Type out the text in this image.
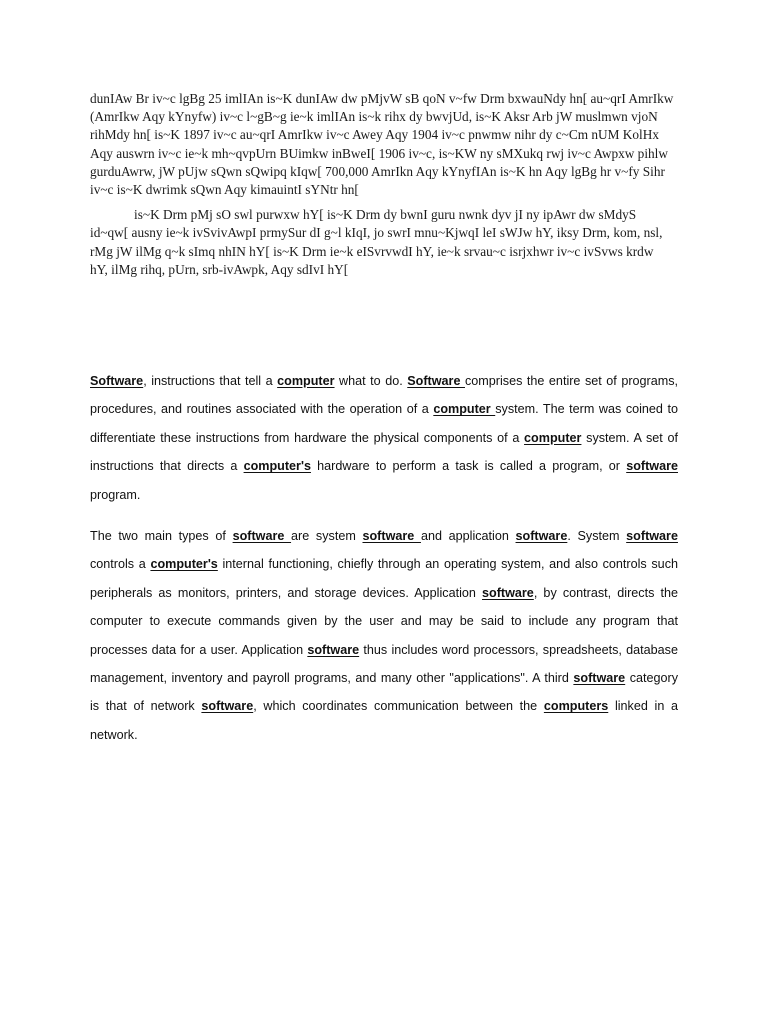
dunIAw Br iv~c lgBg 25 imlIAn is~K dunIAw dw pMjvW sB qoN v~fw Drm bxwauNdy hn[ au~qrI AmrIkw (AmrIkw Aqy kYnyfw) iv~c l~gB~g ie~k imlIAn is~k rihx dy bwvjUd, is~K Aksr Arb jW muslmwn vjoN rihMdy hn[ is~K 1897 iv~c au~qrI AmrIkw iv~c Awey Aqy 1904 iv~c pnwmw nihr dy c~Cm nUM KolHx Aqy auswrn iv~c ie~k mh~qvpUrn BUimkw inBweI[ 1906 iv~c, is~KW ny sMXukq rwj iv~c Awpxw pihlw gurduAwrw, jW pUjw sQwn sQwipq kIqw[ 700,000 AmrIkn Aqy kYnyfIAn is~K hn Aqy lgBg hr v~fy Sihr iv~c is~K dwrimk sQwn Aqy kimauintI sYNtr hn[

is~K Drm pMj sO swl purwxw hY[ is~K Drm dy bwnI guru nwnk dyv jI ny ipAwr dw sMdyS id~qw[ ausny ie~k ivSvivAwpI prmySur dI g~l kIqI, jo swrI mnu~KjwqI leI sWJw hY, iksy Drm, kom, nsl, rMg jW ilMg q~k sImq nhIN hY[ is~K Drm ie~k eISvrvwdI hY, ie~k srvau~c isrjxhwr iv~c ivSvws krdw hY, ilMg rihq, pUrn, srb-ivAwpk, Aqy sdIvI hY[

Software, instructions that tell a computer what to do. Software comprises the entire set of programs, procedures, and routines associated with the operation of a computer system. The term was coined to differentiate these instructions from hardware the physical components of a computer system. A set of instructions that directs a computer's hardware to perform a task is called a program, or software program.

The two main types of software are system software and application software. System software controls a computer's internal functioning, chiefly through an operating system, and also controls such peripherals as monitors, printers, and storage devices. Application software, by contrast, directs the computer to execute commands given by the user and may be said to include any program that processes data for a user. Application software thus includes word processors, spreadsheets, database management, inventory and payroll programs, and many other "applications". A third software category is that of network software, which coordinates communication between the computers linked in a network.
